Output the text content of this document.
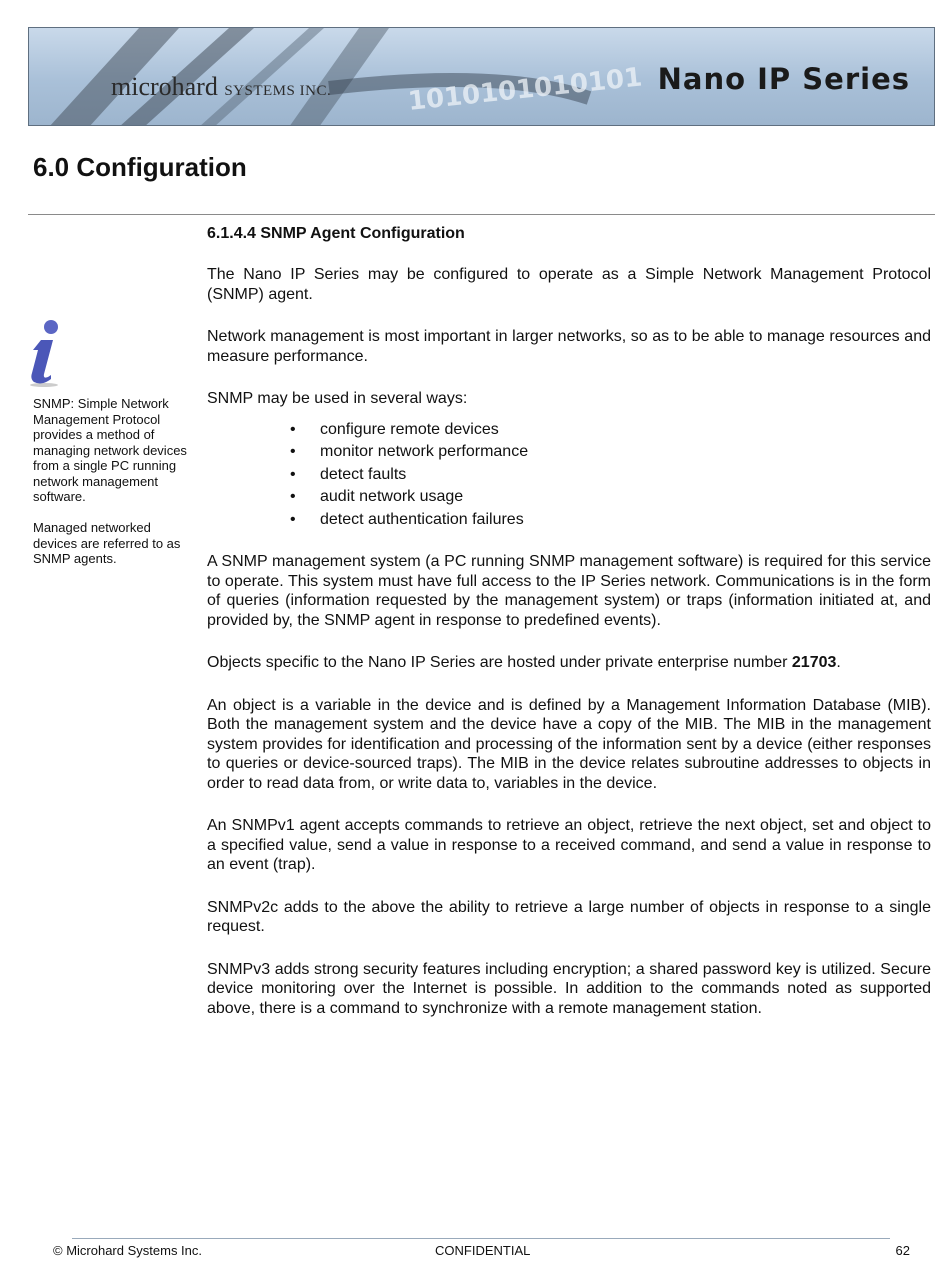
1010101010101
microhard SYSTEMS INC.	Nano IP Series
6.0 Configuration

SNMP: Simple Network Management Protocol provides a method of managing network devices from a single PC running network management software.

Managed networked devices are referred to as SNMP agents.

6.1.4.4 SNMP Agent Configuration

The Nano IP Series may be configured to operate as a Simple Network Management Protocol (SNMP) agent.

Network management is most important in larger networks, so as to be able to manage resources and measure performance.

SNMP may be used in several ways:

• configure remote devices
• monitor network performance
• detect faults
• audit network usage
• detect authentication failures

A SNMP management system (a PC running SNMP management software) is required for this service to operate. This system must have full access to the IP Series network. Communications is in the form of queries (information requested by the management system) or traps (information initiated at, and provided by, the SNMP agent in response to predefined events).

Objects specific to the Nano IP Series are hosted under private enterprise number 21703.

An object is a variable in the device and is defined by a Management Information Database (MIB). Both the management system and the device have a copy of the MIB. The MIB in the management system provides for identification and processing of the information sent by a device (either responses to queries or device-sourced traps). The MIB in the device relates subroutine addresses to objects in order to read data from, or write data to, variables in the device.

An SNMPv1 agent accepts commands to retrieve an object, retrieve the next object, set and object to a specified value, send a value in response to a received command, and send a value in response to an event (trap).

SNMPv2c adds to the above the ability to retrieve a large number of objects in response to a single request.

SNMPv3 adds strong security features including encryption; a shared password key is utilized. Secure device monitoring over the Internet is possible. In addition to the commands noted as supported above, there is a command to synchronize with a remote management station.

© Microhard Systems Inc.	CONFIDENTIAL	62
